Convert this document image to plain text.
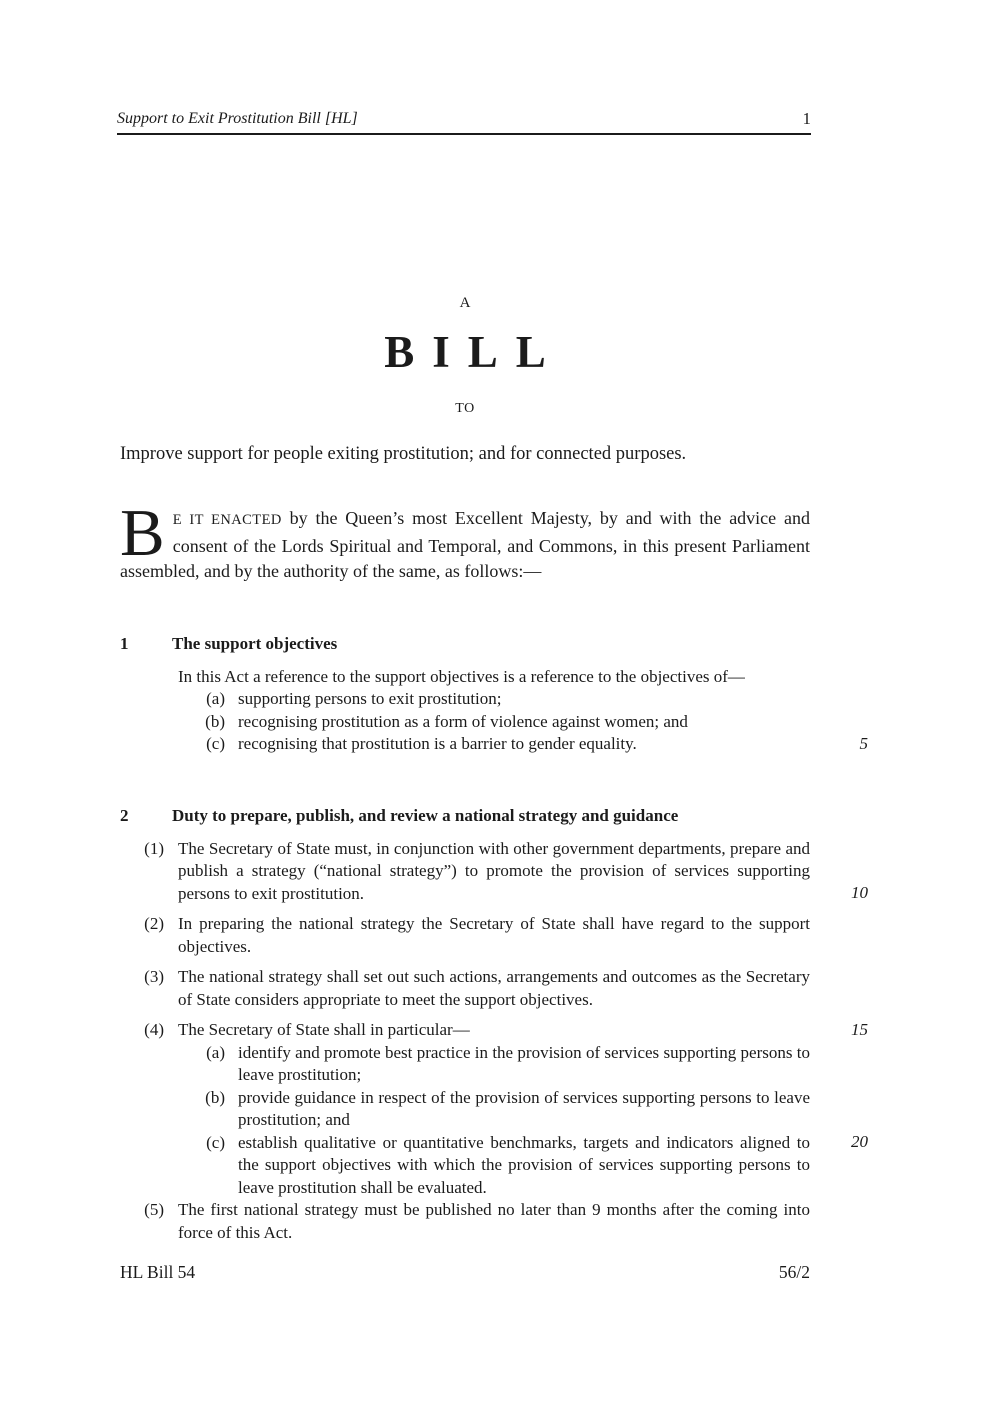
Support to Exit Prostitution Bill [HL]	1
A
BILL
TO
Improve support for people exiting prostitution; and for connected purposes.
B E IT ENACTED by the Queen’s most Excellent Majesty, by and with the advice and consent of the Lords Spiritual and Temporal, and Commons, in this present Parliament assembled, and by the authority of the same, as follows:—
1	The support objectives
In this Act a reference to the support objectives is a reference to the objectives of—
(a) supporting persons to exit prostitution;
(b) recognising prostitution as a form of violence against women; and
(c) recognising that prostitution is a barrier to gender equality.
2	Duty to prepare, publish, and review a national strategy and guidance
(1) The Secretary of State must, in conjunction with other government departments, prepare and publish a strategy (“national strategy”) to promote the provision of services supporting persons to exit prostitution.
(2) In preparing the national strategy the Secretary of State shall have regard to the support objectives.
(3) The national strategy shall set out such actions, arrangements and outcomes as the Secretary of State considers appropriate to meet the support objectives.
(4) The Secretary of State shall in particular—
(a) identify and promote best practice in the provision of services supporting persons to leave prostitution;
(b) provide guidance in respect of the provision of services supporting persons to leave prostitution; and
(c) establish qualitative or quantitative benchmarks, targets and indicators aligned to the support objectives with which the provision of services supporting persons to leave prostitution shall be evaluated.
(5) The first national strategy must be published no later than 9 months after the coming into force of this Act.
5
10
15
20
HL Bill 54	56/2
